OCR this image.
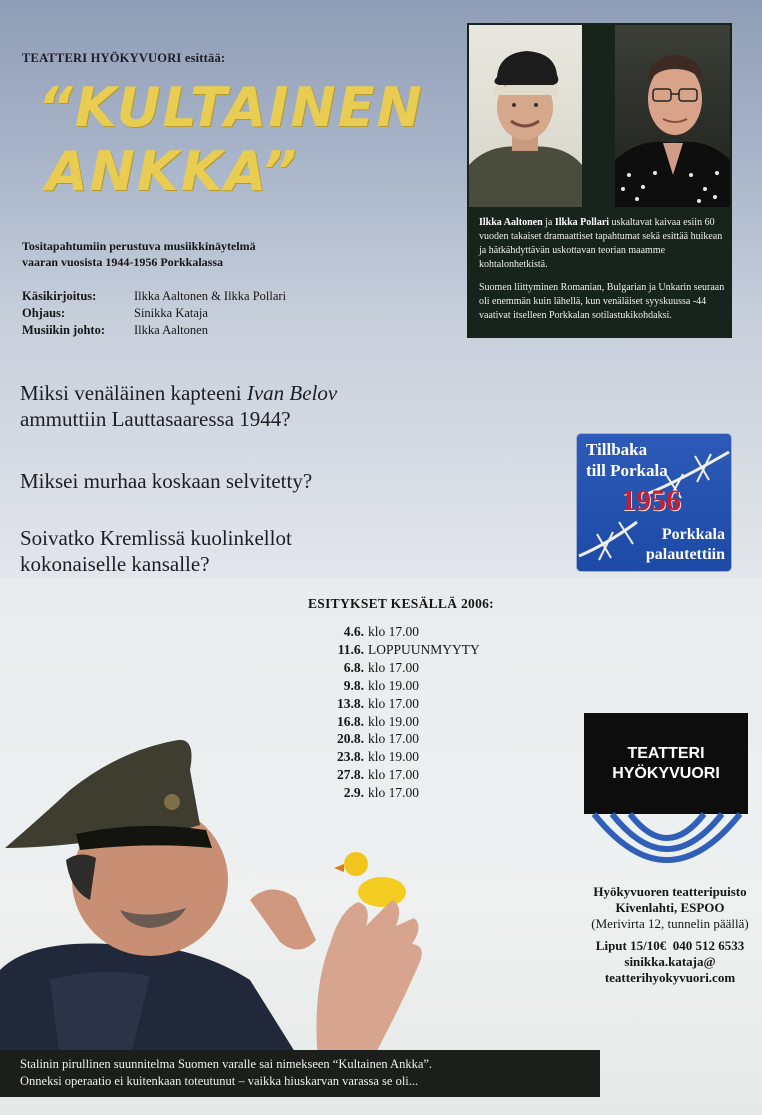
TEATTERI HYÖKYVUORI esittää:
“KULTAINEN
ANKKA”
Tositapahtumiin perustuva musiikkinäytelmä
vaaran vuosista 1944-1956 Porkkalassa
Käsikirjoitus:	Ilkka Aaltonen & Ilkka Pollari
Ohjaus:	Sinikka Kataja
Musiikin johto:	Ilkka Aaltonen
Miksi venäläinen kapteeni Ivan Belov
ammuttiin Lauttasaaressa 1944?
Miksei murhaa koskaan selvitetty?
Soivatko Kremlissä kuolinkellot
kokonaiselle kansalle?

Ilkka Aaltonen ja Ilkka Pollari uskaltavat kaivaa esiin 60 vuoden takaiset dramaattiset tapahtumat sekä esittää huikean ja hätkähdyttävän uskottavan teorian maamme kohtalonhetkistä.

Suomen liittyminen Romanian, Bulgarian ja Unkarin seuraan oli enemmän kuin lähellä, kun venäläiset syyskuussa -44 vaativat itselleen Porkkalan sotilastukikohdaksi.

Tillbaka
till Porkala
1956
Porkkala
palautettiin
ESITYKSET KESÄLLÄ 2006:
4.6. klo 17.00
11.6. LOPPUUNMYYTY
6.8. klo 17.00
9.8. klo 19.00
13.8. klo 17.00
16.8. klo 19.00
20.8. klo 17.00
23.8. klo 19.00
27.8. klo 17.00
2.9. klo 17.00
TEATTERI
HYÖKYVUORI
Hyökyvuoren teatteripuisto
Kivenlahti, ESPOO
(Merivirta 12, tunnelin päällä)
Liput 15/10€ 040 512 6533
sinikka.kataja@
teatterihyokyvuori.com
Stalinin pirullinen suunnitelma Suomen varalle sai nimekseen “Kultainen Ankka”.
Onneksi operaatio ei kuitenkaan toteutunut – vaikka hiuskarvan varassa se oli...
